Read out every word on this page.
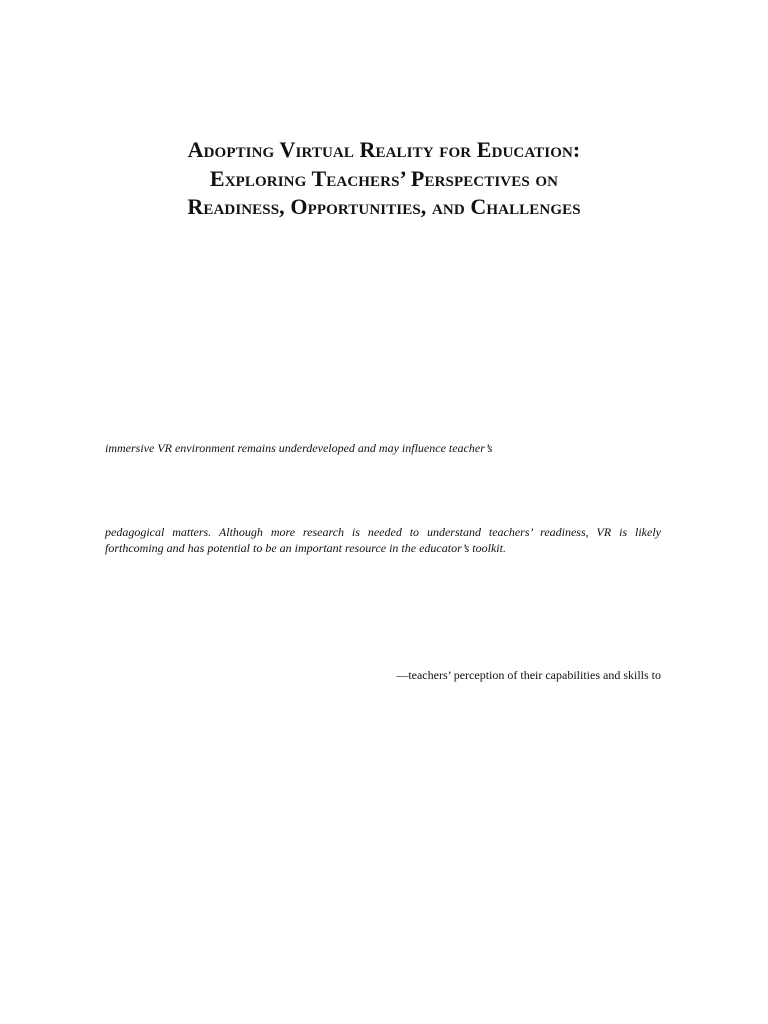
Adopting Virtual Reality for Education:
Exploring Teachers’ Perspectives on
Readiness, Opportunities, and Challenges
immersive VR environment remains underdeveloped and may influence teacher’s
pedagogical matters. Although more research is needed to understand teachers’ readiness, VR is likely
forthcoming and has potential to be an important resource in the educator’s toolkit.
—teachers’ perception of their capabilities and skills to
